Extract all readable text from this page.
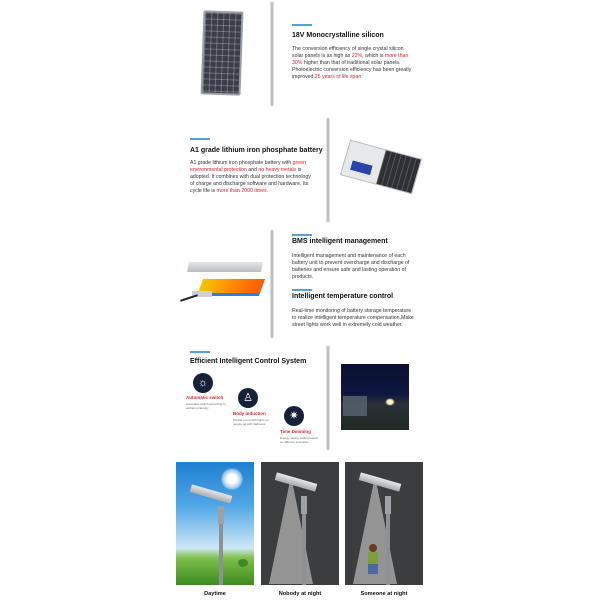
18V Monocrystalline silicon
The conversion efficiency of single crystal silicon solar panels is as high as 22%, which is more than 30% higher than that of traditional solar panels. Photoelectric conversion efficiency has been greatly improved.25 years of life span.
A1 grade lithium iron phosphate battery
A1 grade lithium iron phosphate battery with green environmental protection and no heavy metals is adopted. It combines with dual protection technology of charge and discharge software and hardware. Its cycle life is more than 2000 times.
BMS intelligent management
Intelligent management and maintenance of each battery unit to prevent overcharge and discharge of batteries and ensure safe and lasting operation of products.
Intelligent temperature control
Real-time monitoring of battery storage temperature to realize intelligent temperature compensation,Make street lights work well in extremely cold weather.
Efficient Intelligent Control System
☼
Automatic switch
Automatic switch according to ambient intensity
♙
Body induction
People come with lights on people go with darkness
✷
Time Dimming
Energy saving setting based on different scenarios
Daytime	Nobody at night	Someone at night
